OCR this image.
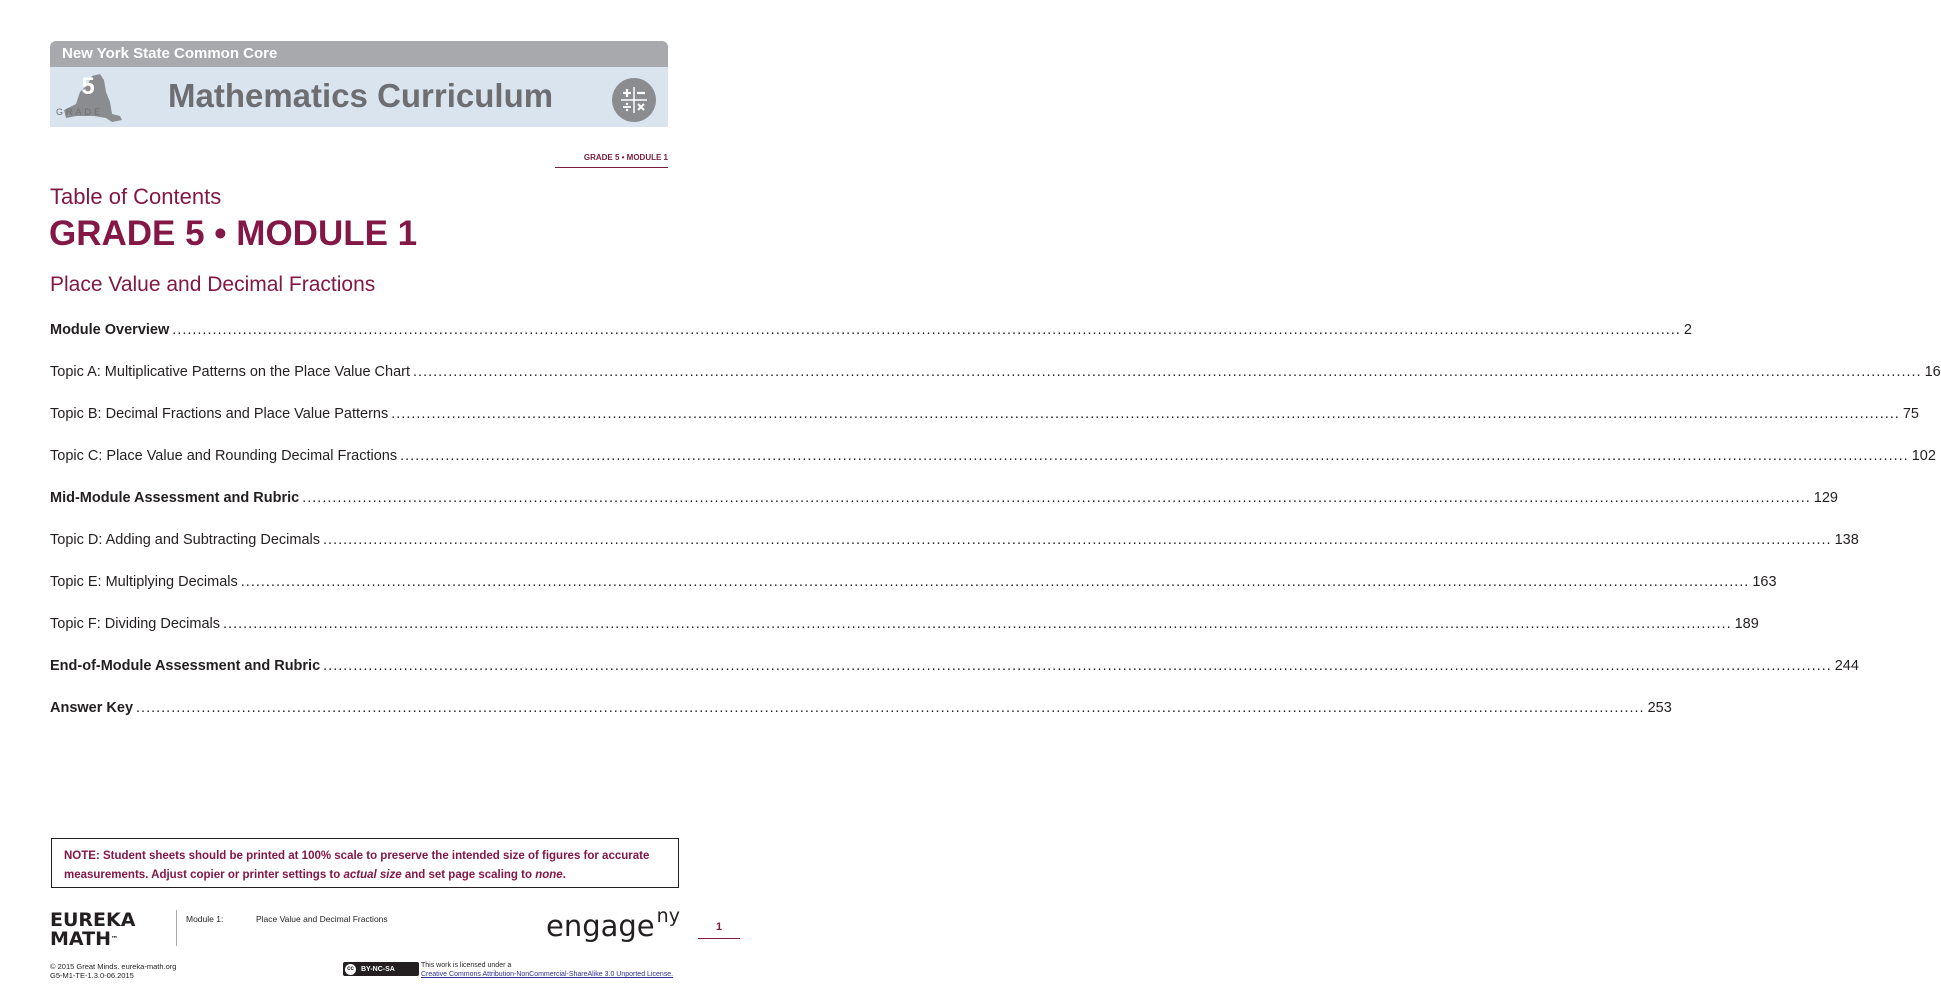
New York State Common Core
5
GRADE Mathematics Curriculum
GRADE 5 • MODULE 1
Table of Contents
GRADE 5 • MODULE 1
Place Value and Decimal Fractions
Module Overview ............................................................................................................................................................................................................................................................................................................ 2
Topic A: Multiplicative Patterns on the Place Value Chart ............................................................................................................................................................................................................................................................................................................ 16
Topic B: Decimal Fractions and Place Value Patterns ............................................................................................................................................................................................................................................................................................................ 75
Topic C: Place Value and Rounding Decimal Fractions ............................................................................................................................................................................................................................................................................................................ 102
Mid-Module Assessment and Rubric ............................................................................................................................................................................................................................................................................................................ 129
Topic D: Adding and Subtracting Decimals ............................................................................................................................................................................................................................................................................................................ 138
Topic E: Multiplying Decimals ............................................................................................................................................................................................................................................................................................................ 163
Topic F: Dividing Decimals ............................................................................................................................................................................................................................................................................................................ 189
End-of-Module Assessment and Rubric ............................................................................................................................................................................................................................................................................................................ 244
Answer Key ............................................................................................................................................................................................................................................................................................................ 253
NOTE: Student sheets should be printed at 100% scale to preserve the intended size of figures for accurate measurements. Adjust copier or printer settings to actual size and set page scaling to none.
EUREKA
MATH™
Module 1:	Place Value and Decimal Fractions	engage $^{ny}$	1
© 2015 Great Minds. eureka-math.org
G5-M1-TE-1.3.0-06.2015
cc	BY-NC-SA	This work is licensed under a
Creative Commons Attribution-NonCommercial-ShareAlike 3.0 Unported License.
